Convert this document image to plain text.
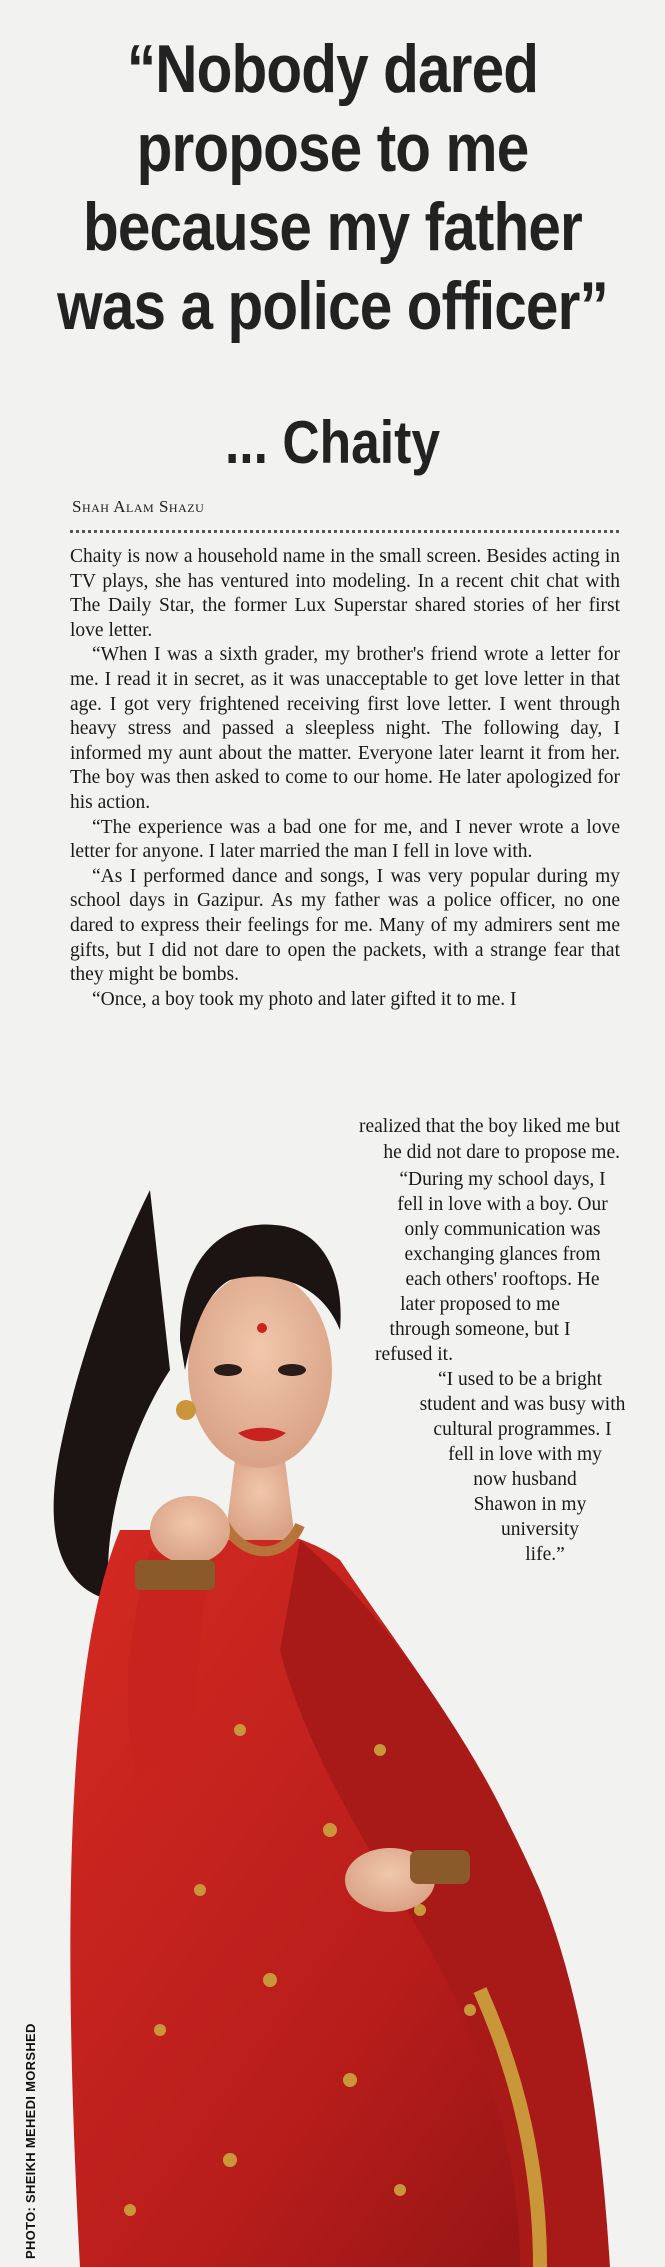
“Nobody dared
propose to me
because my father
was a police officer”
... Chaity
Shah Alam Shazu

Chaity is now a household name in the small screen. Besides acting in TV plays, she has ventured into modeling. In a recent chit chat with The Daily Star, the former Lux Superstar shared stories of her first love letter.

“When I was a sixth grader, my brother's friend wrote a letter for me. I read it in secret, as it was unacceptable to get love letter in that age. I got very frightened receiving first love letter. I went through heavy stress and passed a sleepless night. The following day, I informed my aunt about the matter. Everyone later learnt it from her. The boy was then asked to come to our home. He later apologized for his action.

“The experience was a bad one for me, and I never wrote a love letter for anyone. I later married the man I fell in love with.

“As I performed dance and songs, I was very popular during my school days in Gazipur. As my father was a police officer, no one dared to express their feelings for me. Many of my admirers sent me gifts, but I did not dare to open the packets, with a strange fear that they might be bombs.

“Once, a boy took my photo and later gifted it to me. I

realized that the boy liked me but
he did not dare to propose me.
“During my school days, I
fell in love with a boy. Our
only communication was
exchanging glances from
each others' rooftops. He
later proposed to me
through someone, but I
refused it.
“I used to be a bright
student and was busy with
cultural programmes. I
fell in love with my
now husband
Shawon in my
university
life.”
PHOTO: SHEIKH MEHEDI MORSHED
